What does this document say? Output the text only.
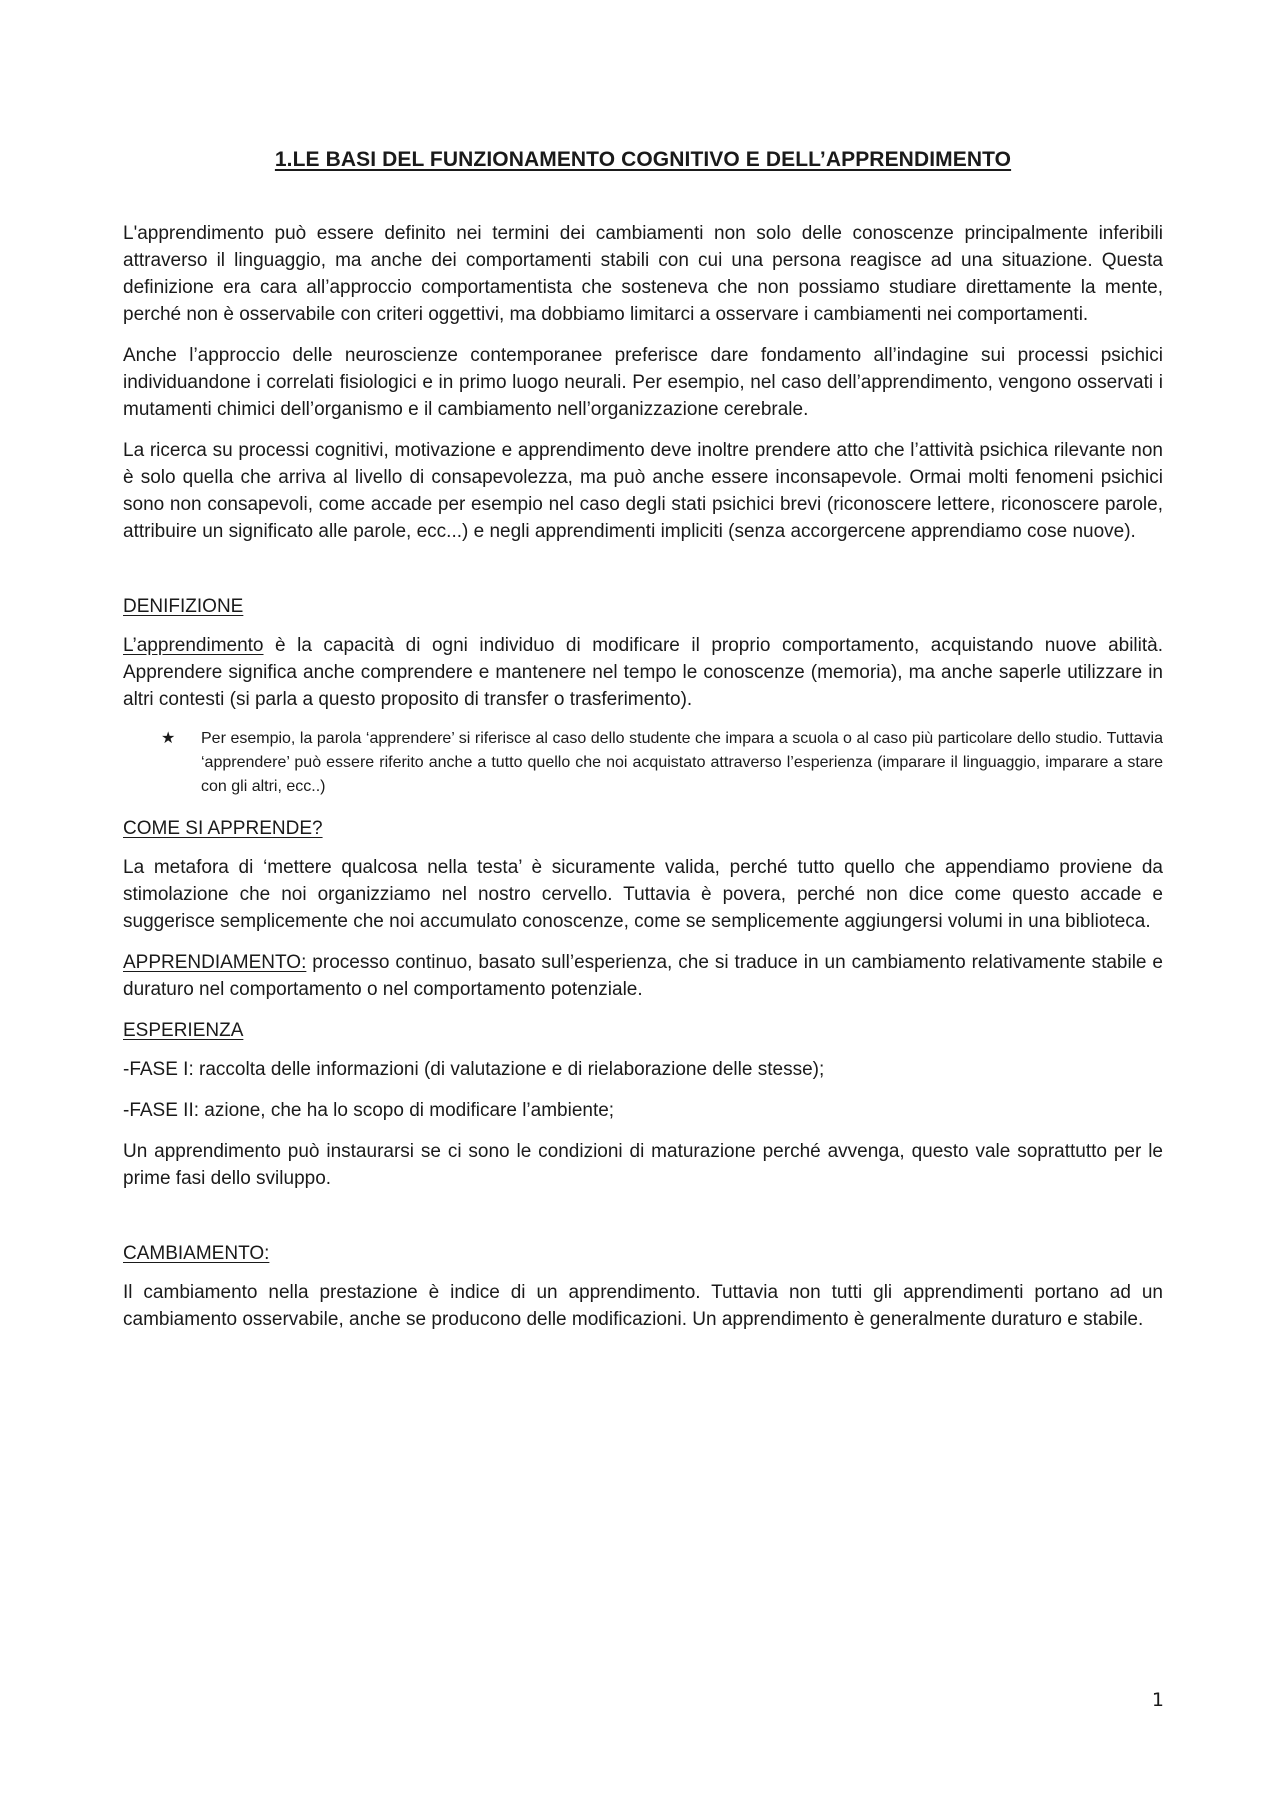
1.LE BASI DEL FUNZIONAMENTO COGNITIVO E DELL’APPRENDIMENTO

L'apprendimento può essere definito nei termini dei cambiamenti non solo delle conoscenze principalmente inferibili attraverso il linguaggio, ma anche dei comportamenti stabili con cui una persona reagisce ad una situazione. Questa definizione era cara all’approccio comportamentista che sosteneva che non possiamo studiare direttamente la mente, perché non è osservabile con criteri oggettivi, ma dobbiamo limitarci a osservare i cambiamenti nei comportamenti.

Anche l’approccio delle neuroscienze contemporanee preferisce dare fondamento all’indagine sui processi psichici individuandone i correlati fisiologici e in primo luogo neurali. Per esempio, nel caso dell’apprendimento, vengono osservati i mutamenti chimici dell’organismo e il cambiamento nell’organizzazione cerebrale.

La ricerca su processi cognitivi, motivazione e apprendimento deve inoltre prendere atto che l’attività psichica rilevante non è solo quella che arriva al livello di consapevolezza, ma può anche essere inconsapevole. Ormai molti fenomeni psichici sono non consapevoli, come accade per esempio nel caso degli stati psichici brevi (riconoscere lettere, riconoscere parole, attribuire un significato alle parole, ecc...) e negli apprendimenti impliciti (senza accorgercene apprendiamo cose nuove).

DENIFIZIONE

L’apprendimento è la capacità di ogni individuo di modificare il proprio comportamento, acquistando nuove abilità. Apprendere significa anche comprendere e mantenere nel tempo le conoscenze (memoria), ma anche saperle utilizzare in altri contesti (si parla a questo proposito di transfer o trasferimento).

★ Per esempio, la parola ‘apprendere’ si riferisce al caso dello studente che impara a scuola o al caso più particolare dello studio. Tuttavia ‘apprendere’ può essere riferito anche a tutto quello che noi acquistato attraverso l’esperienza (imparare il linguaggio, imparare a stare con gli altri, ecc..)
COME SI APPRENDE?

La metafora di ‘mettere qualcosa nella testa’ è sicuramente valida, perché tutto quello che appendiamo proviene da stimolazione che noi organizziamo nel nostro cervello. Tuttavia è povera, perché non dice come questo accade e suggerisce semplicemente che noi accumulato conoscenze, come se semplicemente aggiungersi volumi in una biblioteca.

APPRENDIAMENTO: processo continuo, basato sull’esperienza, che si traduce in un cambiamento relativamente stabile e duraturo nel comportamento o nel comportamento potenziale.

ESPERIENZA

-FASE I: raccolta delle informazioni (di valutazione e di rielaborazione delle stesse);

-FASE II: azione, che ha lo scopo di modificare l’ambiente;

Un apprendimento può instaurarsi se ci sono le condizioni di maturazione perché avvenga, questo vale soprattutto per le prime fasi dello sviluppo.

CAMBIAMENTO:

Il cambiamento nella prestazione è indice di un apprendimento. Tuttavia non tutti gli apprendimenti portano ad un cambiamento osservabile, anche se producono delle modificazioni. Un apprendimento è generalmente duraturo e stabile.

1
